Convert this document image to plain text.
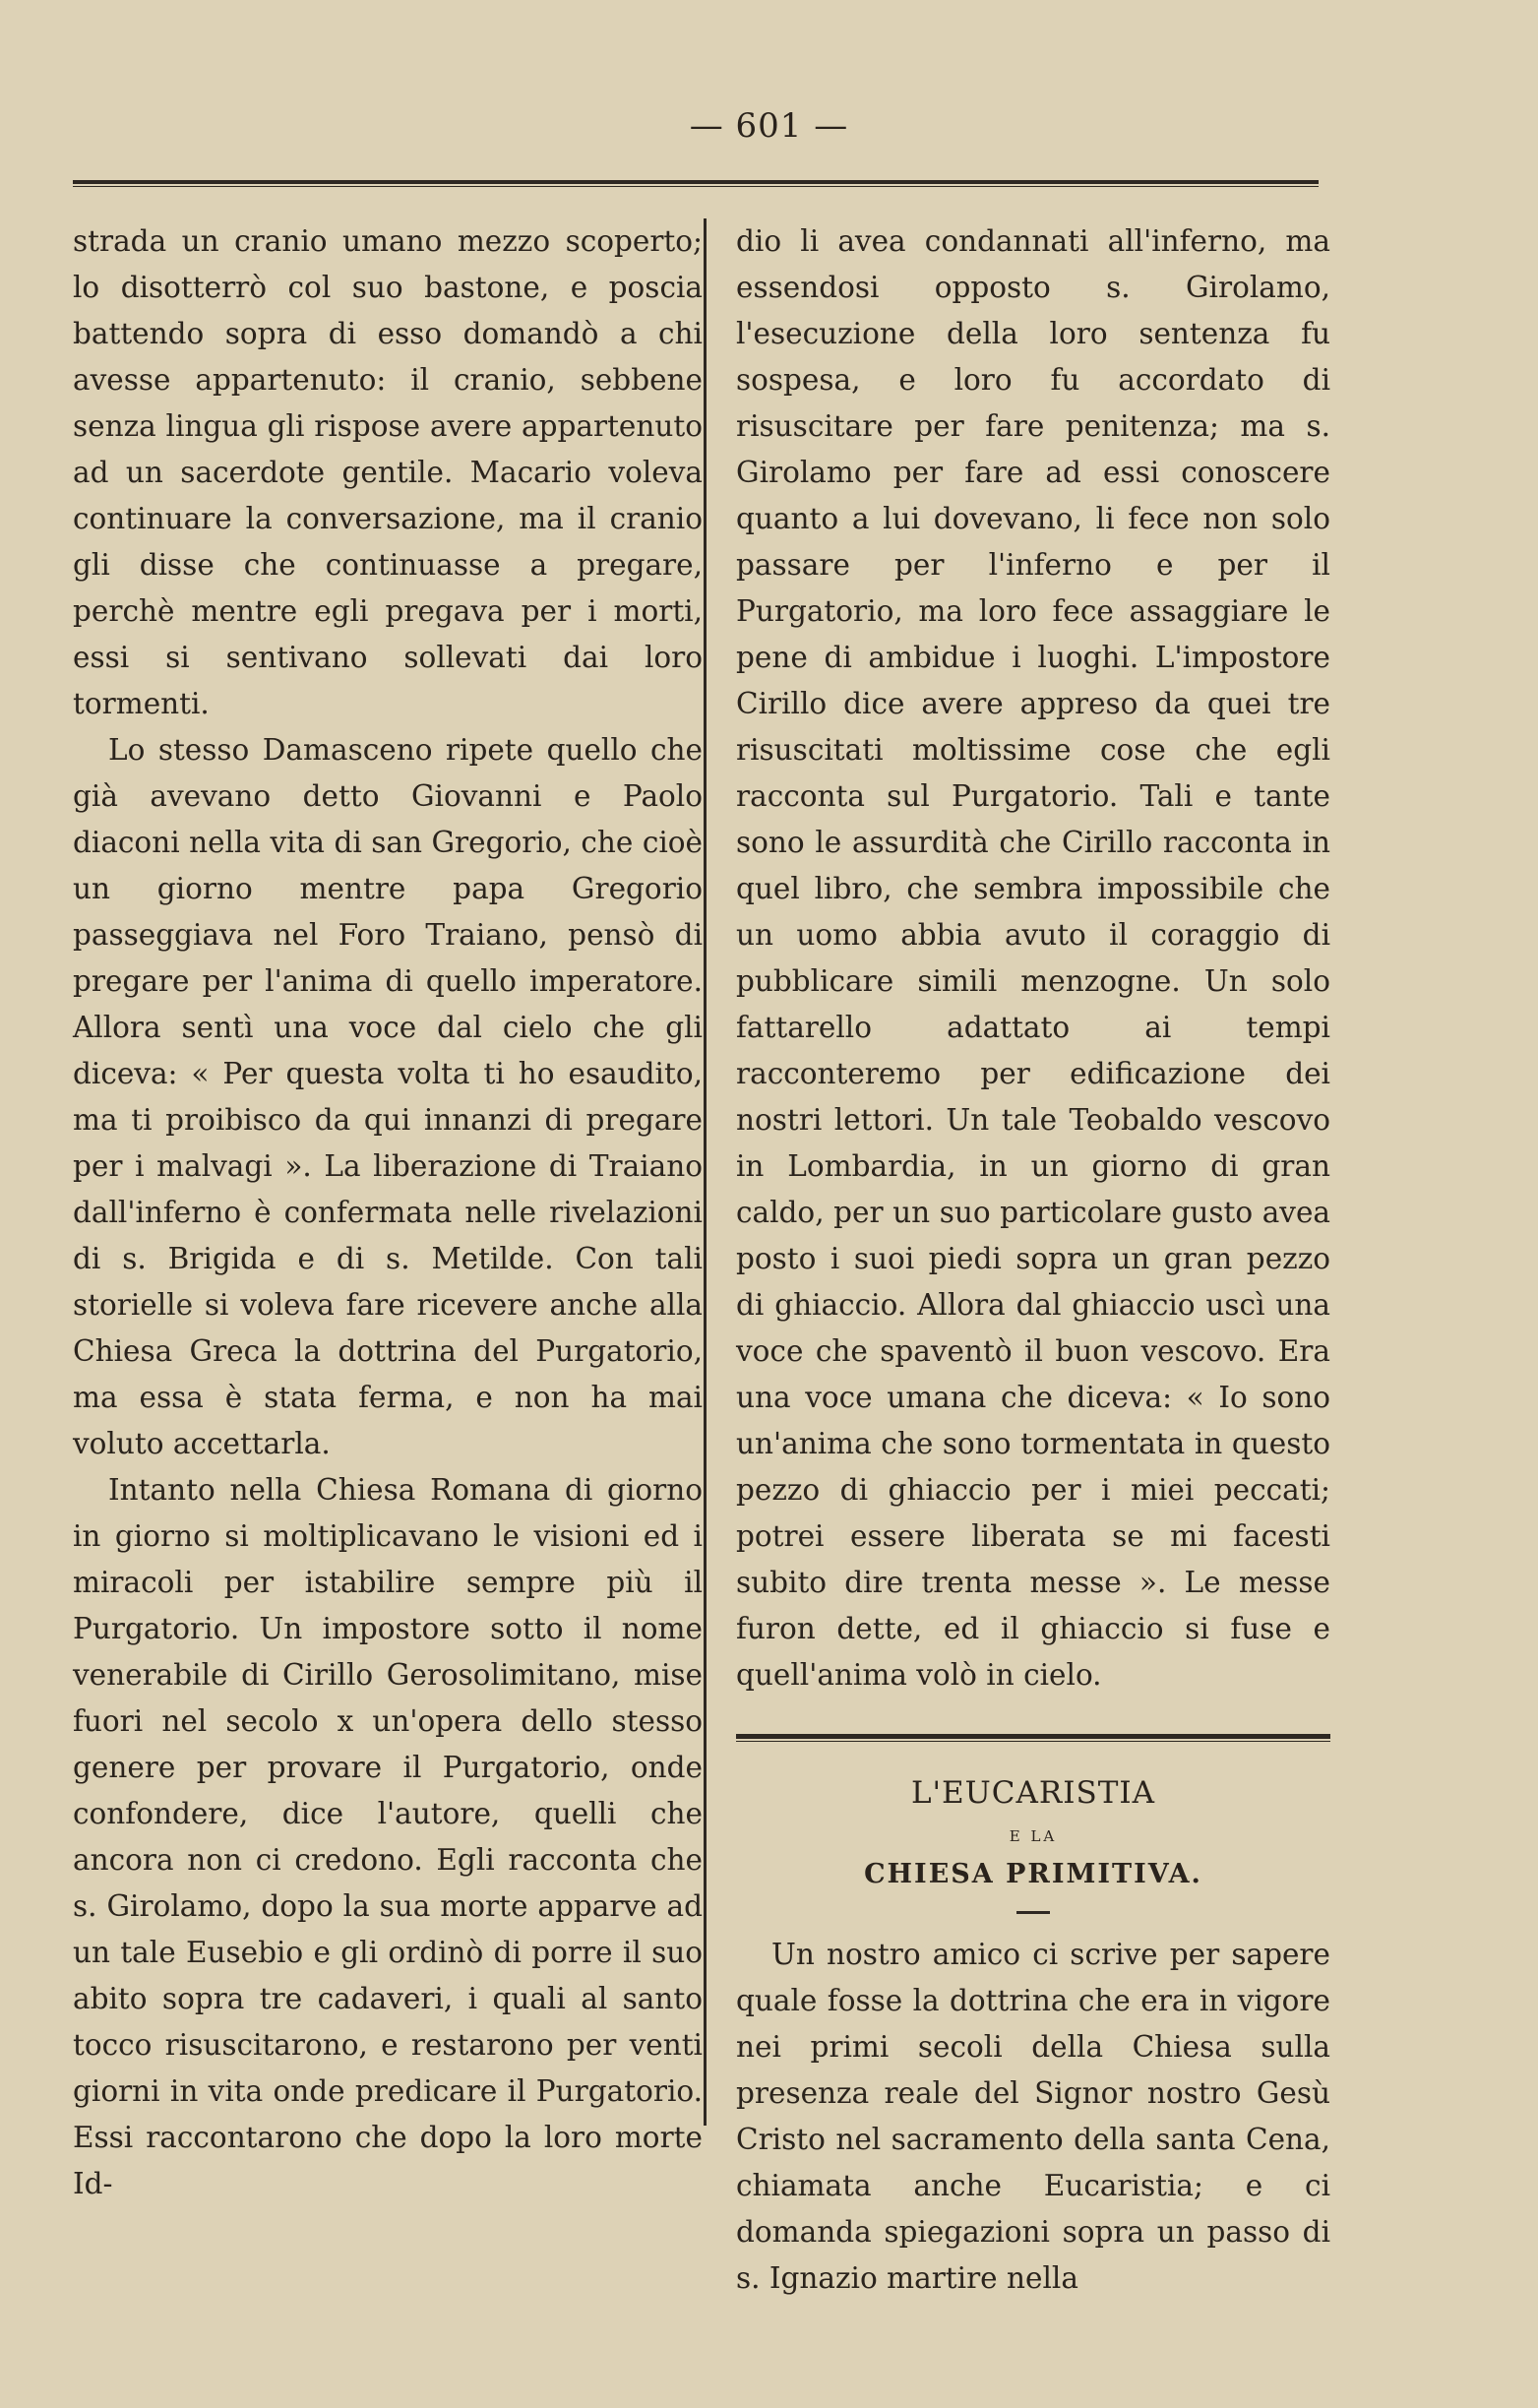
— 601 —

strada un cranio umano mezzo scoperto; lo disotterrò col suo bastone, e poscia battendo sopra di esso domandò a chi avesse appartenuto: il cranio, sebbene senza lingua gli rispose avere appartenuto ad un sacerdote gentile. Macario voleva continuare la conversazione, ma il cranio gli disse che continuasse a pregare, perchè mentre egli pregava per i morti, essi si sentivano sollevati dai loro tormenti.

Lo stesso Damasceno ripete quello che già avevano detto Giovanni e Paolo diaconi nella vita di san Gregorio, che cioè un giorno mentre papa Gregorio passeggiava nel Foro Traiano, pensò di pregare per l'anima di quello imperatore. Allora sentì una voce dal cielo che gli diceva: « Per questa volta ti ho esaudito, ma ti proibisco da qui innanzi di pregare per i malvagi ». La liberazione di Traiano dall'inferno è confermata nelle rivelazioni di s. Brigida e di s. Metilde. Con tali storielle si voleva fare ricevere anche alla Chiesa Greca la dottrina del Purgatorio, ma essa è stata ferma, e non ha mai voluto accettarla.

Intanto nella Chiesa Romana di giorno in giorno si moltiplicavano le visioni ed i miracoli per istabilire sempre più il Purgatorio. Un impostore sotto il nome venerabile di Cirillo Gerosolimitano, mise fuori nel secolo x un'opera dello stesso genere per provare il Purgatorio, onde confondere, dice l'autore, quelli che ancora non ci credono. Egli racconta che s. Girolamo, dopo la sua morte apparve ad un tale Eusebio e gli ordinò di porre il suo abito sopra tre cadaveri, i quali al santo tocco risuscitarono, e restarono per venti giorni in vita onde predicare il Purgatorio. Essi raccontarono che dopo la loro morte Id-

dio li avea condannati all'inferno, ma essendosi opposto s. Girolamo, l'esecuzione della loro sentenza fu sospesa, e loro fu accordato di risuscitare per fare penitenza; ma s. Girolamo per fare ad essi conoscere quanto a lui dovevano, li fece non solo passare per l'inferno e per il Purgatorio, ma loro fece assaggiare le pene di ambidue i luoghi. L'impostore Cirillo dice avere appreso da quei tre risuscitati moltissime cose che egli racconta sul Purgatorio. Tali e tante sono le assurdità che Cirillo racconta in quel libro, che sembra impossibile che un uomo abbia avuto il coraggio di pubblicare simili menzogne. Un solo fattarello adattato ai tempi racconteremo per edificazione dei nostri lettori. Un tale Teobaldo vescovo in Lombardia, in un giorno di gran caldo, per un suo particolare gusto avea posto i suoi piedi sopra un gran pezzo di ghiaccio. Allora dal ghiaccio uscì una voce che spaventò il buon vescovo. Era una voce umana che diceva: « Io sono un'anima che sono tormentata in questo pezzo di ghiaccio per i miei peccati; potrei essere liberata se mi facesti subito dire trenta messe ». Le messe furon dette, ed il ghiaccio si fuse e quell'anima volò in cielo.

L'EUCARISTIA
E LA
CHIESA PRIMITIVA.

Un nostro amico ci scrive per sapere quale fosse la dottrina che era in vigore nei primi secoli della Chiesa sulla presenza reale del Signor nostro Gesù Cristo nel sacramento della santa Cena, chiamata anche Eucaristia; e ci domanda spiegazioni sopra un passo di s. Ignazio martire nella
